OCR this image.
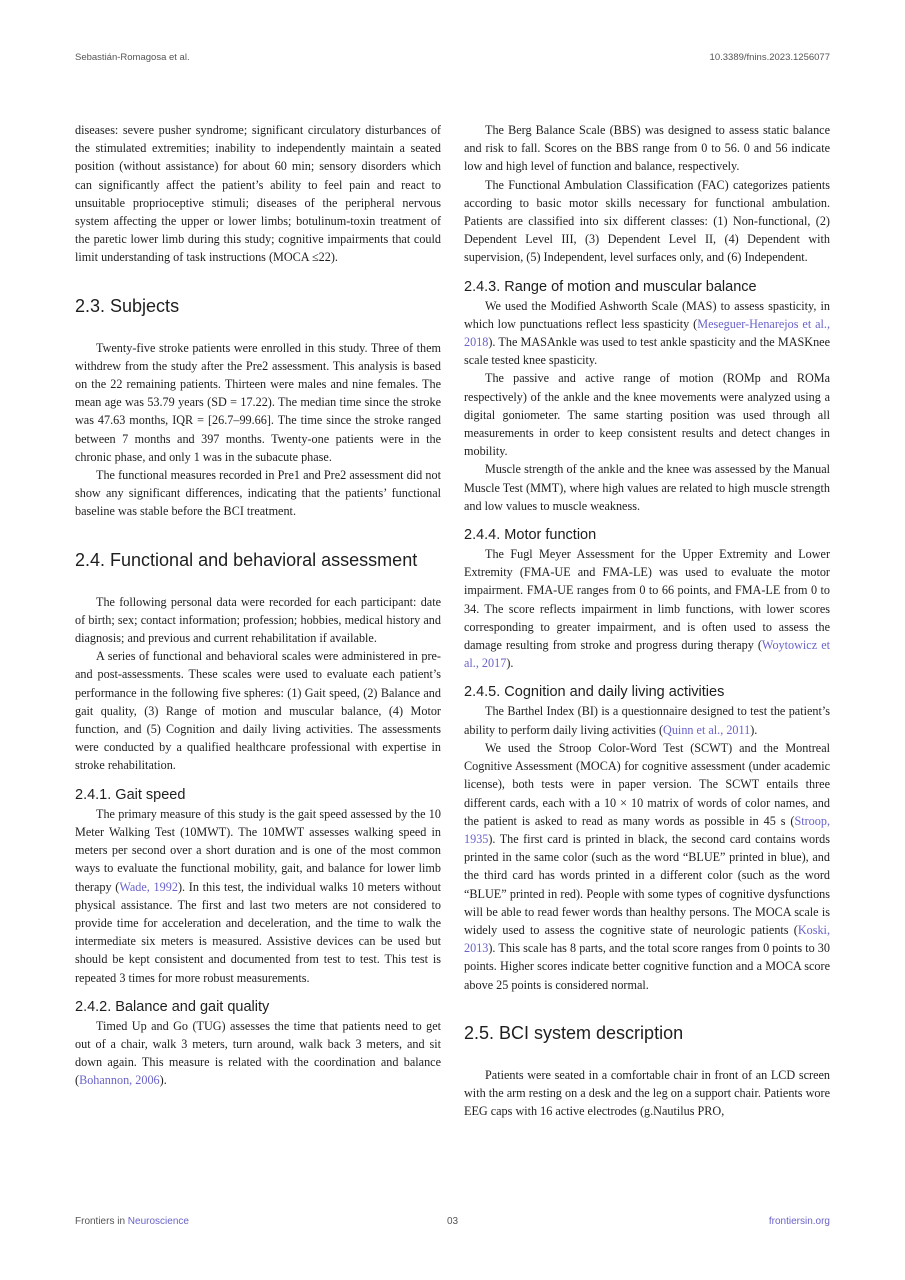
Sebastián-Romagosa et al.	10.3389/fnins.2023.1256077

diseases: severe pusher syndrome; significant circulatory disturbances of the stimulated extremities; inability to independently maintain a seated position (without assistance) for about 60 min; sensory disorders which can significantly affect the patient’s ability to feel pain and react to unsuitable proprioceptive stimuli; diseases of the peripheral nervous system affecting the upper or lower limbs; botulinum-toxin treatment of the paretic lower limb during this study; cognitive impairments that could limit understanding of task instructions (MOCA ≤22).

2.3. Subjects

Twenty-five stroke patients were enrolled in this study. Three of them withdrew from the study after the Pre2 assessment. This analysis is based on the 22 remaining patients. Thirteen were males and nine females. The mean age was 53.79 years (SD = 17.22). The median time since the stroke was 47.63 months, IQR = [26.7–99.66]. The time since the stroke ranged between 7 months and 397 months. Twenty-one patients were in the chronic phase, and only 1 was in the subacute phase.

The functional measures recorded in Pre1 and Pre2 assessment did not show any significant differences, indicating that the patients’ functional baseline was stable before the BCI treatment.

2.4. Functional and behavioral assessment

The following personal data were recorded for each participant: date of birth; sex; contact information; profession; hobbies, medical history and diagnosis; and previous and current rehabilitation if available.

A series of functional and behavioral scales were administered in pre- and post-assessments. These scales were used to evaluate each patient’s performance in the following five spheres: (1) Gait speed, (2) Balance and gait quality, (3) Range of motion and muscular balance, (4) Motor function, and (5) Cognition and daily living activities. The assessments were conducted by a qualified healthcare professional with expertise in stroke rehabilitation.

2.4.1. Gait speed

The primary measure of this study is the gait speed assessed by the 10 Meter Walking Test (10MWT). The 10MWT assesses walking speed in meters per second over a short duration and is one of the most common ways to evaluate the functional mobility, gait, and balance for lower limb therapy (Wade, 1992). In this test, the individual walks 10 meters without physical assistance. The first and last two meters are not considered to provide time for acceleration and deceleration, and the time to walk the intermediate six meters is measured. Assistive devices can be used but should be kept consistent and documented from test to test. This test is repeated 3 times for more robust measurements.

2.4.2. Balance and gait quality

Timed Up and Go (TUG) assesses the time that patients need to get out of a chair, walk 3 meters, turn around, walk back 3 meters, and sit down again. This measure is related with the coordination and balance (Bohannon, 2006).

The Berg Balance Scale (BBS) was designed to assess static balance and risk to fall. Scores on the BBS range from 0 to 56. 0 and 56 indicate low and high level of function and balance, respectively.

The Functional Ambulation Classification (FAC) categorizes patients according to basic motor skills necessary for functional ambulation. Patients are classified into six different classes: (1) Non-functional, (2) Dependent Level III, (3) Dependent Level II, (4) Dependent with supervision, (5) Independent, level surfaces only, and (6) Independent.

2.4.3. Range of motion and muscular balance

We used the Modified Ashworth Scale (MAS) to assess spasticity, in which low punctuations reflect less spasticity (Meseguer-Henarejos et al., 2018). The MASAnkle was used to test ankle spasticity and the MASKnee scale tested knee spasticity.

The passive and active range of motion (ROMp and ROMa respectively) of the ankle and the knee movements were analyzed using a digital goniometer. The same starting position was used through all measurements in order to keep consistent results and detect changes in mobility.

Muscle strength of the ankle and the knee was assessed by the Manual Muscle Test (MMT), where high values are related to high muscle strength and low values to muscle weakness.

2.4.4. Motor function

The Fugl Meyer Assessment for the Upper Extremity and Lower Extremity (FMA-UE and FMA-LE) was used to evaluate the motor impairment. FMA-UE ranges from 0 to 66 points, and FMA-LE from 0 to 34. The score reflects impairment in limb functions, with lower scores corresponding to greater impairment, and is often used to assess the damage resulting from stroke and progress during therapy (Woytowicz et al., 2017).

2.4.5. Cognition and daily living activities

The Barthel Index (BI) is a questionnaire designed to test the patient’s ability to perform daily living activities (Quinn et al., 2011).

We used the Stroop Color-Word Test (SCWT) and the Montreal Cognitive Assessment (MOCA) for cognitive assessment (under academic license), both tests were in paper version. The SCWT entails three different cards, each with a 10 × 10 matrix of words of color names, and the patient is asked to read as many words as possible in 45 s (Stroop, 1935). The first card is printed in black, the second card contains words printed in the same color (such as the word “BLUE” printed in blue), and the third card has words printed in a different color (such as the word “BLUE” printed in red). People with some types of cognitive dysfunctions will be able to read fewer words than healthy persons. The MOCA scale is widely used to assess the cognitive state of neurologic patients (Koski, 2013). This scale has 8 parts, and the total score ranges from 0 points to 30 points. Higher scores indicate better cognitive function and a MOCA score above 25 points is considered normal.

2.5. BCI system description

Patients were seated in a comfortable chair in front of an LCD screen with the arm resting on a desk and the leg on a support chair. Patients wore EEG caps with 16 active electrodes (g.Nautilus PRO,

Frontiers in Neuroscience	03	frontiersin.org
